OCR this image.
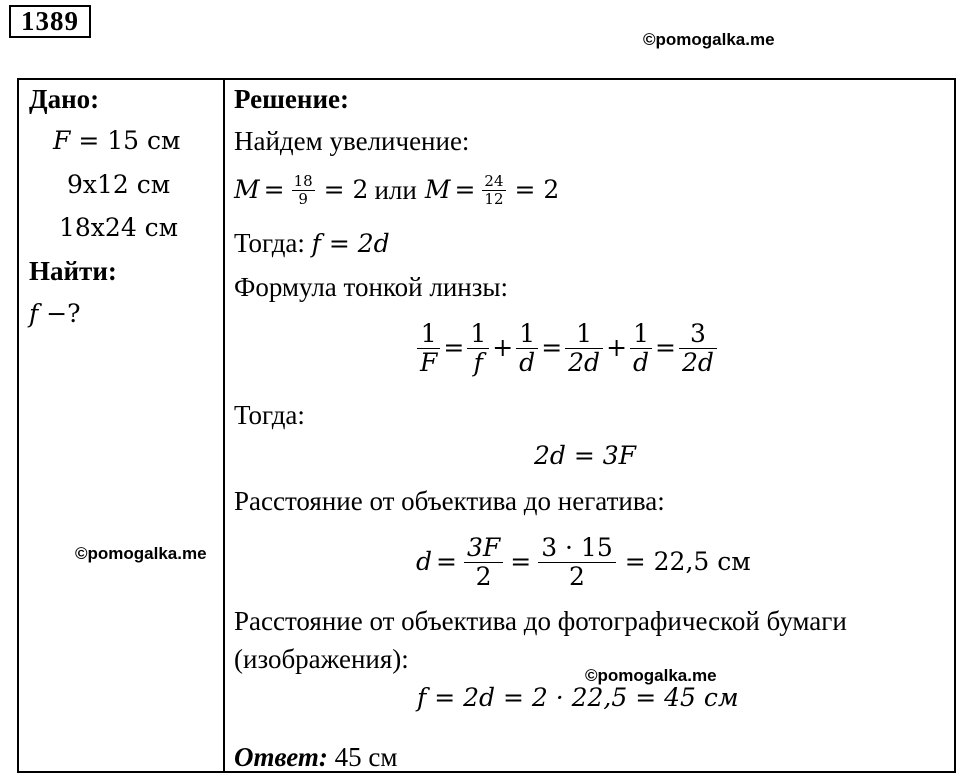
1389
©pomogalka.me
Дано:
F = 15 см
9x12 см
18x24 см
Найти:
f −?
©pomogalka.me
Решение:
Найдем увеличение:
$M = \frac{18}{9} = 2$ или $M = \frac{24}{12} = 2$
Тогда: f = 2d
Формула тонкой линзы:
$\frac{1}{F} = \frac{1}{f} + \frac{1}{d} = \frac{1}{2d} + \frac{1}{d} = \frac{3}{2d}$
Тогда:
2d = 3F
Расстояние от объектива до негатива:
$d = \frac{3F}{2} = \frac{3 \cdot 15}{2} = 22,5$ см
Расстояние от объектива до фотографической бумаги
(изображения):
©pomogalka.me
f = 2d = 2 · 22,5 = 45 см
Ответ: 45 см
